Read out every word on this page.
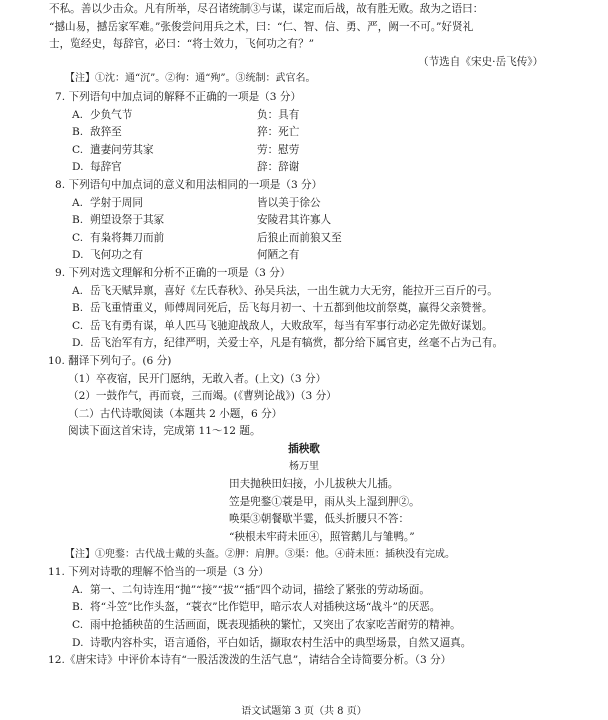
不私。善以少击众。凡有所举，尽召诸统制③与谋，谋定而后战，故有胜无败。敌为之语曰：
“撼山易，撼岳家军难。”张俊尝问用兵之术，曰：“仁、智、信、勇、严，阙一不可。”好贤礼
士，览经史，每辞官，必曰：“将士效力，飞何功之有？”
（节选自《宋史·岳飞传》）
【注】①沈：通“沉”。②徇：通“殉”。③统制：武官名。
7. 下列语句中加点词的解释不正确的一项是（3 分）
A. 少负气节	负：具有
B. 敌猝至	猝：死亡
C. 遣妻问劳其家	劳：慰劳
D. 每辞官	辞：辞谢
8. 下列语句中加点词的意义和用法相同的一项是（3 分）
A. 学射于周同	皆以美于徐公
B. 朔望设祭于其冢	安陵君其许寡人
C. 有枭将舞刀而前	后狼止而前狼又至
D. 飞何功之有	何陋之有
9. 下列对选文理解和分析不正确的一项是（3 分）
A. 岳飞天赋异禀，喜好《左氏春秋》、孙吴兵法，一出生就力大无穷，能拉开三百斤的弓。
B. 岳飞重情重义，师傅周同死后，岳飞每月初一、十五都到他坟前祭奠，赢得父亲赞誉。
C. 岳飞有勇有谋，单人匹马飞驰迎战敌人，大败敌军，每当有军事行动必定先做好谋划。
D. 岳飞治军有方，纪律严明，关爱士卒，凡是有犒赏，都分给下属官吏，丝毫不占为己有。
10. 翻译下列句子。(6 分)
（1）卒夜宿，民开门愿纳，无敢入者。(上文)（3 分）
（2）一鼓作气，再而衰，三而竭。(《曹刿论战》)（3 分）
（二）古代诗歌阅读（本题共 2 小题，6 分）
阅读下面这首宋诗，完成第 11～12 题。
插秧歌
杨万里
田夫抛秧田妇接，小儿拔秧大儿插。
笠是兜鍪①蓑是甲，雨从头上湿到胛②。
唤渠③朝餐歇半霎，低头折腰只不答：
“秧根未牢莳未匝④，照管鹅儿与雏鸭。”
【注】①兜鍪：古代战士戴的头盔。②胛：肩胛。③渠：他。④莳未匝：插秧没有完成。
11. 下列对诗歌的理解不恰当的一项是（3 分）
A. 第一、二句诗连用“抛”“接”“拔”“插”四个动词，描绘了紧张的劳动场面。
B. 将“斗笠”比作头盔，“蓑衣”比作铠甲，暗示农人对插秧这场“战斗”的厌恶。
C. 雨中抢插秧苗的生活画面，既表现插秧的繁忙，又突出了农家吃苦耐劳的精神。
D. 诗歌内容朴实，语言通俗，平白如话，撷取农村生活中的典型场景，自然又逼真。
12.《唐宋诗》中评价本诗有“一股活泼泼的生活气息”，请结合全诗简要分析。（3 分）
语文试题第 3 页（共 8 页）
